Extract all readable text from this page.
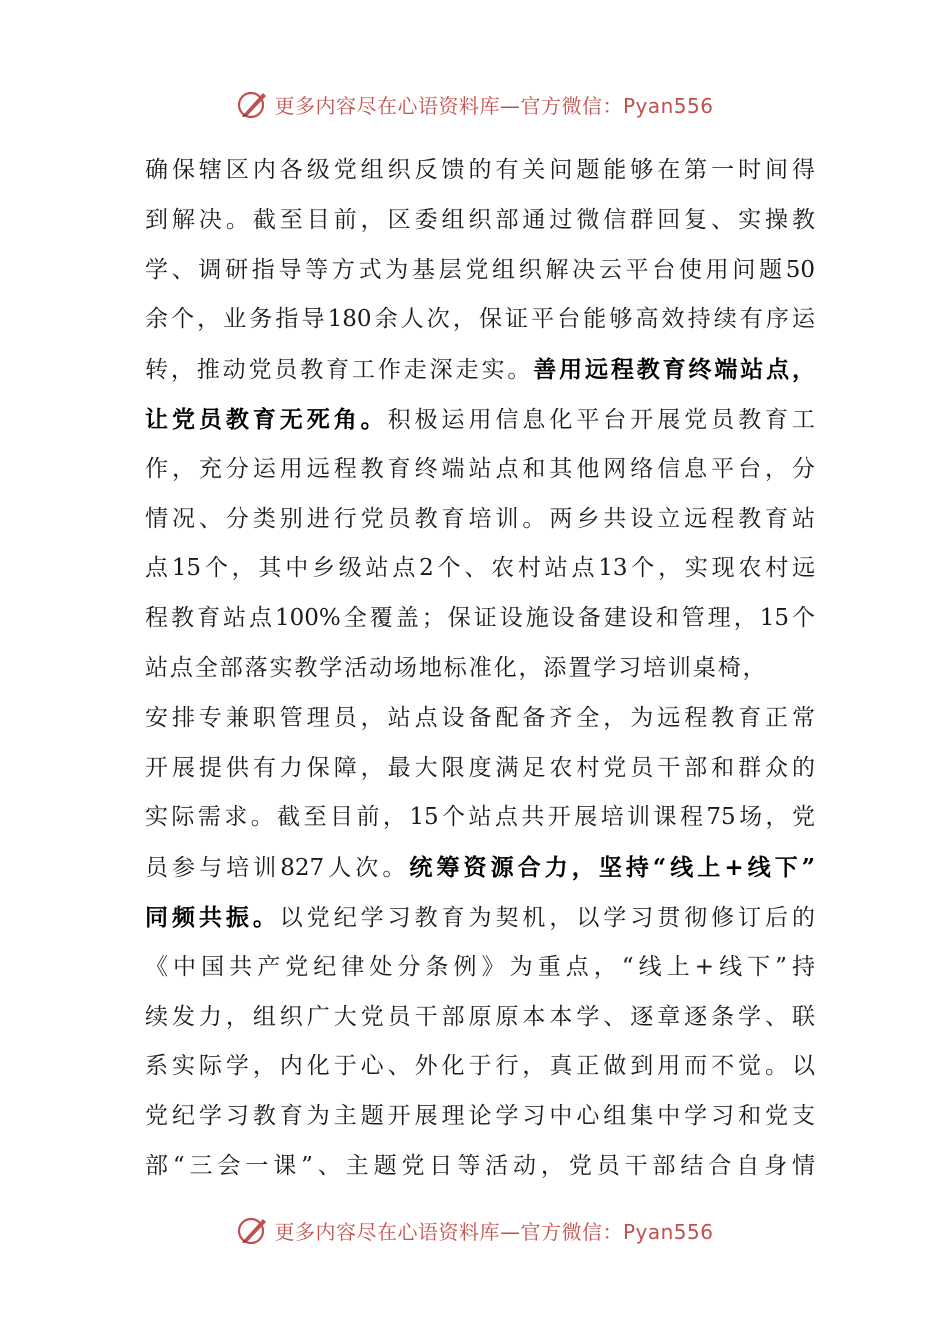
更多内容尽在心语资料库—官方微信：Pyan556
确保辖区内各级党组织反馈的有关问题能够在第一时间得
到解决。截至目前，区委组织部通过微信群回复、实操教
学、调研指导等方式为基层党组织解决云平台使用问题50
余个，业务指导180余人次，保证平台能够高效持续有序运
转，推动党员教育工作走深走实。善用远程教育终端站点，
让党员教育无死角。积极运用信息化平台开展党员教育工
作，充分运用远程教育终端站点和其他网络信息平台，分
情况、分类别进行党员教育培训。两乡共设立远程教育站
点15个，其中乡级站点2个、农村站点13个，实现农村远
程教育站点100%全覆盖；保证设施设备建设和管理，15个
站点全部落实教学活动场地标准化，添置学习培训桌椅，
安排专兼职管理员，站点设备配备齐全，为远程教育正常
开展提供有力保障，最大限度满足农村党员干部和群众的
实际需求。截至目前，15个站点共开展培训课程75场，党
员参与培训827人次。统筹资源合力，坚持“线上+线下”
同频共振。以党纪学习教育为契机，以学习贯彻修订后的
《中国共产党纪律处分条例》为重点，“线上+线下”持
续发力，组织广大党员干部原原本本学、逐章逐条学、联
系实际学，内化于心、外化于行，真正做到用而不觉。以
党纪学习教育为主题开展理论学习中心组集中学习和党支
部“三会一课”、主题党日等活动，党员干部结合自身情
更多内容尽在心语资料库—官方微信：Pyan556
